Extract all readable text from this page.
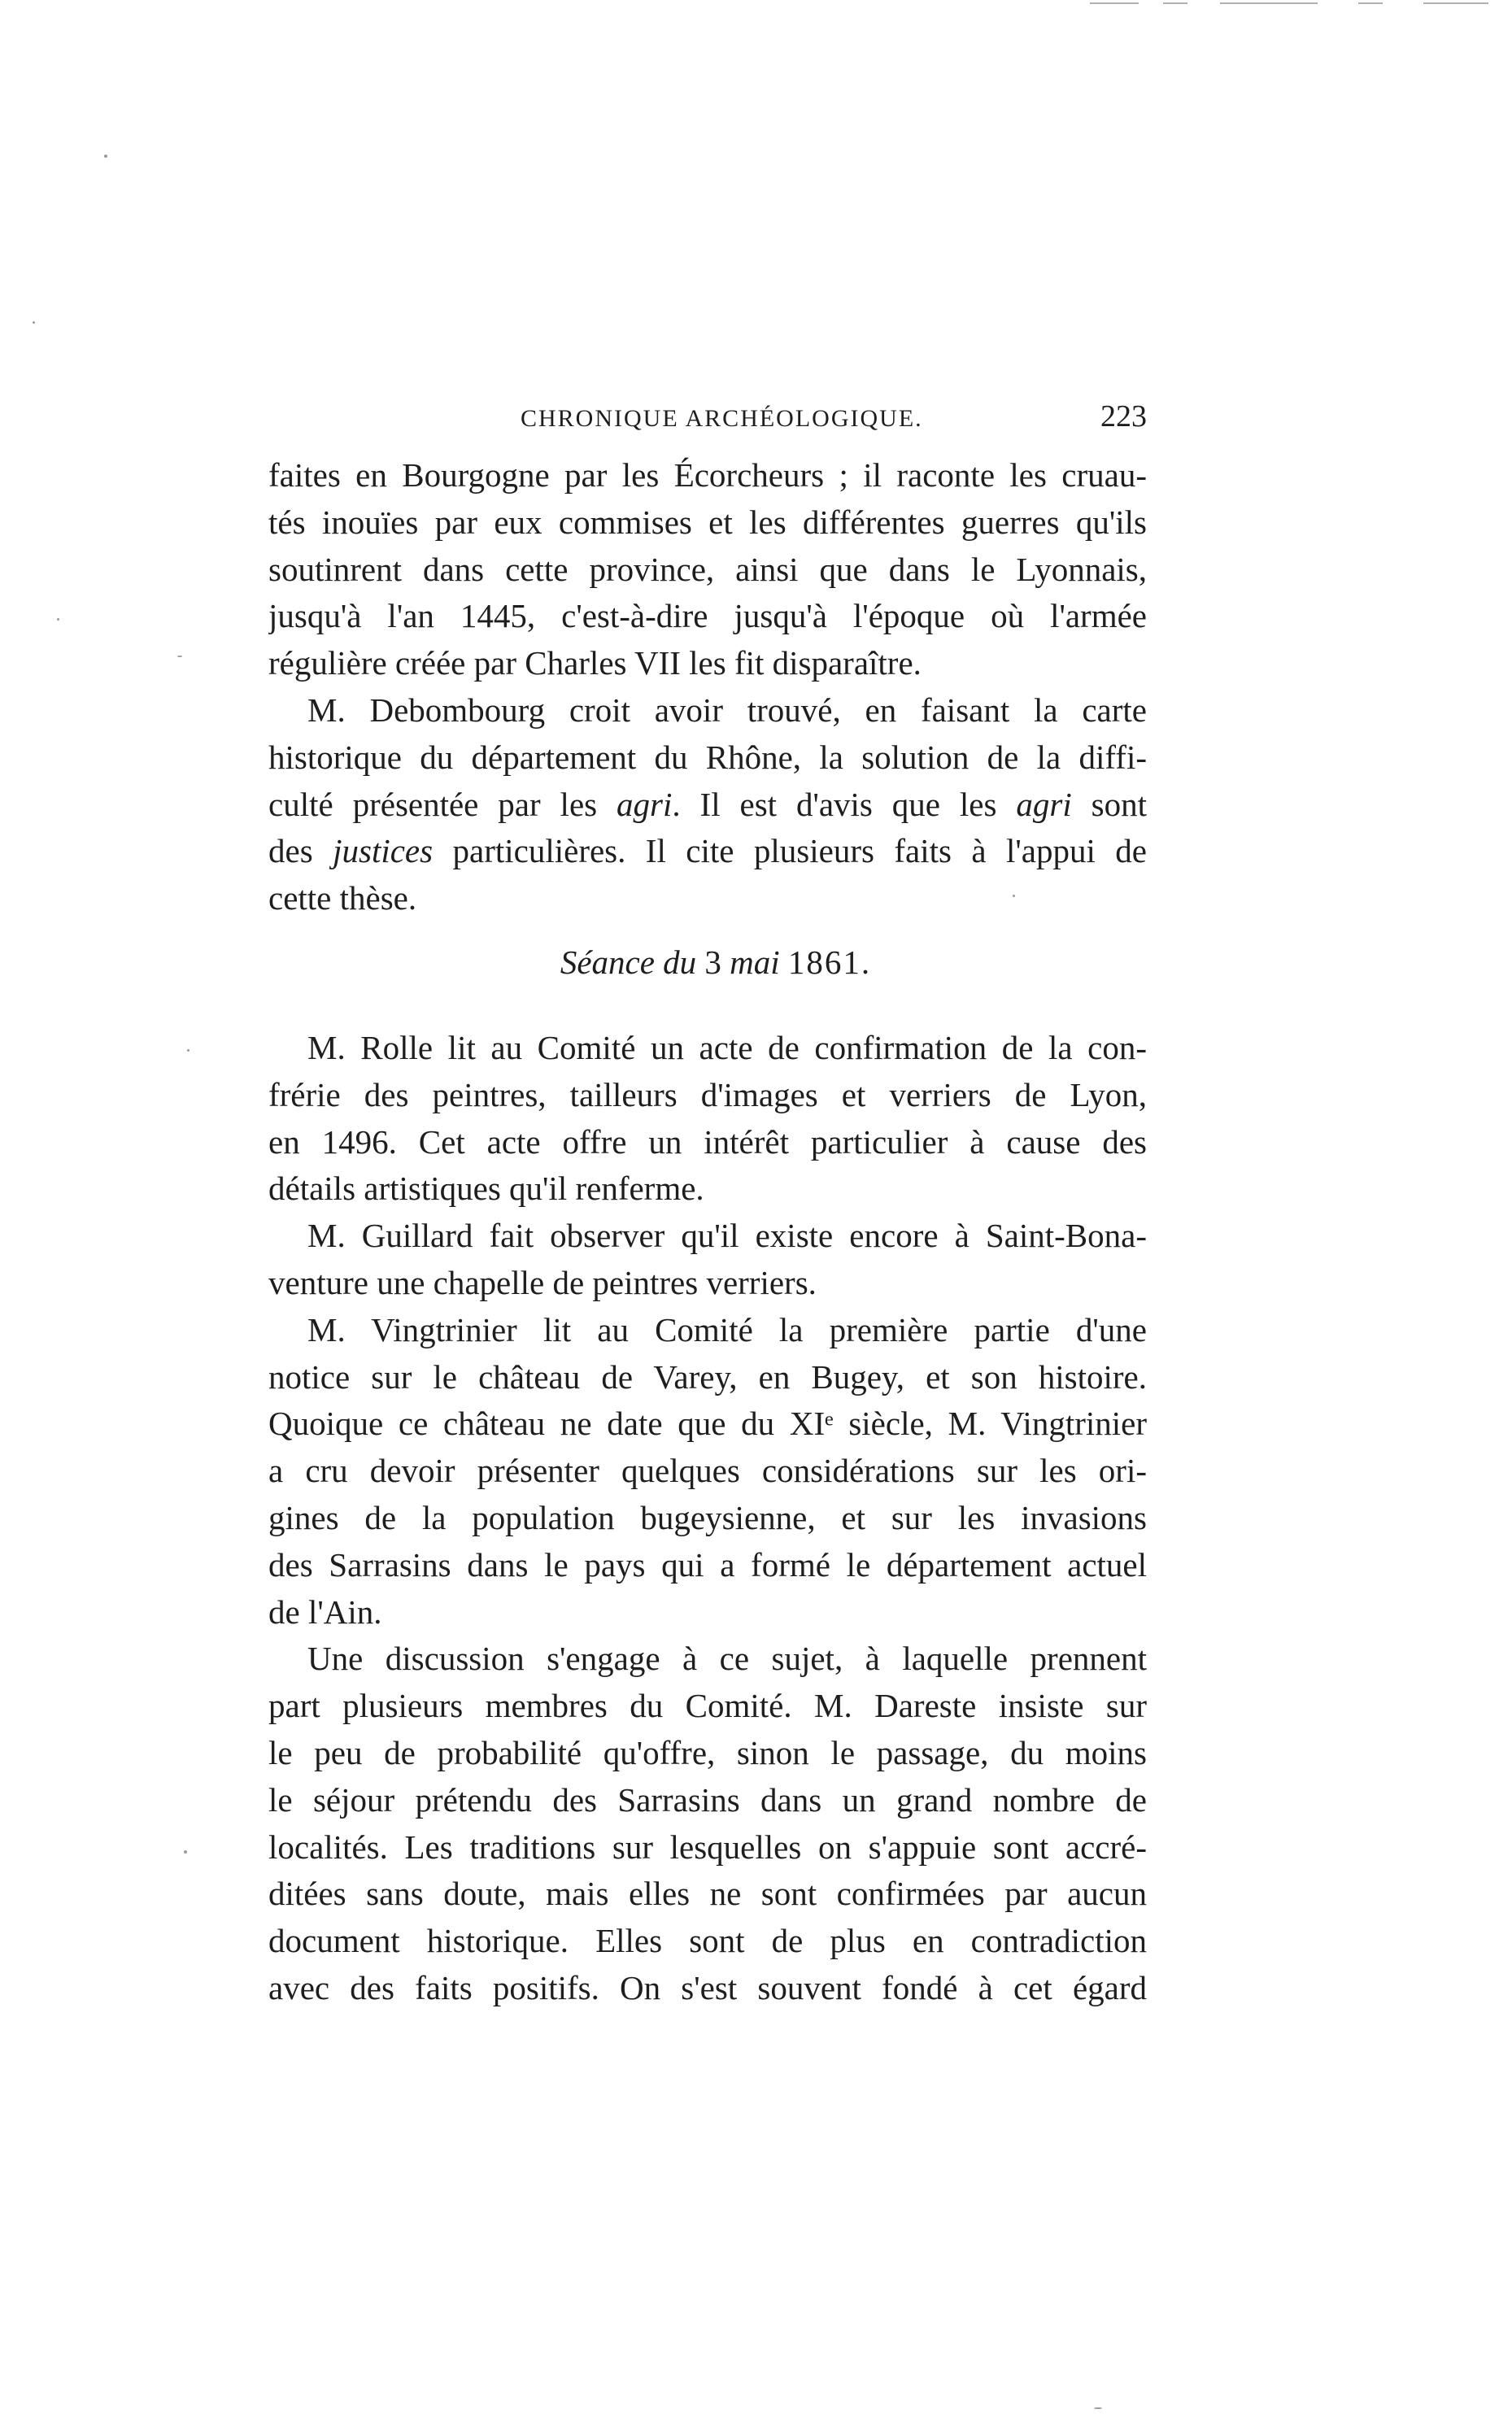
CHRONIQUE ARCHÉOLOGIQUE.	223
faites en Bourgogne par les Écorcheurs ; il raconte les cruau-
tés inouïes par eux commises et les différentes guerres qu'ils
soutinrent dans cette province, ainsi que dans le Lyonnais,
jusqu'à l'an 1445, c'est-à-dire jusqu'à l'époque où l'armée
régulière créée par Charles VII les fit disparaître.
M. Debombourg croit avoir trouvé, en faisant la carte
historique du département du Rhône, la solution de la diffi-
culté présentée par les agri. Il est d'avis que les agri sont
des justices particulières. Il cite plusieurs faits à l'appui de
cette thèse.
Séance du 3 mai 1861.
M. Rolle lit au Comité un acte de confirmation de la con-
frérie des peintres, tailleurs d'images et verriers de Lyon,
en 1496. Cet acte offre un intérêt particulier à cause des
détails artistiques qu'il renferme.
M. Guillard fait observer qu'il existe encore à Saint-Bona-
venture une chapelle de peintres verriers.
M. Vingtrinier lit au Comité la première partie d'une
notice sur le château de Varey, en Bugey, et son histoire.
Quoique ce château ne date que du XIᵉ siècle, M. Vingtrinier
a cru devoir présenter quelques considérations sur les ori-
gines de la population bugeysienne, et sur les invasions
des Sarrasins dans le pays qui a formé le département actuel
de l'Ain.
Une discussion s'engage à ce sujet, à laquelle prennent
part plusieurs membres du Comité. M. Dareste insiste sur
le peu de probabilité qu'offre, sinon le passage, du moins
le séjour prétendu des Sarrasins dans un grand nombre de
localités. Les traditions sur lesquelles on s'appuie sont accré-
ditées sans doute, mais elles ne sont confirmées par aucun
document historique. Elles sont de plus en contradiction
avec des faits positifs. On s'est souvent fondé à cet égard
